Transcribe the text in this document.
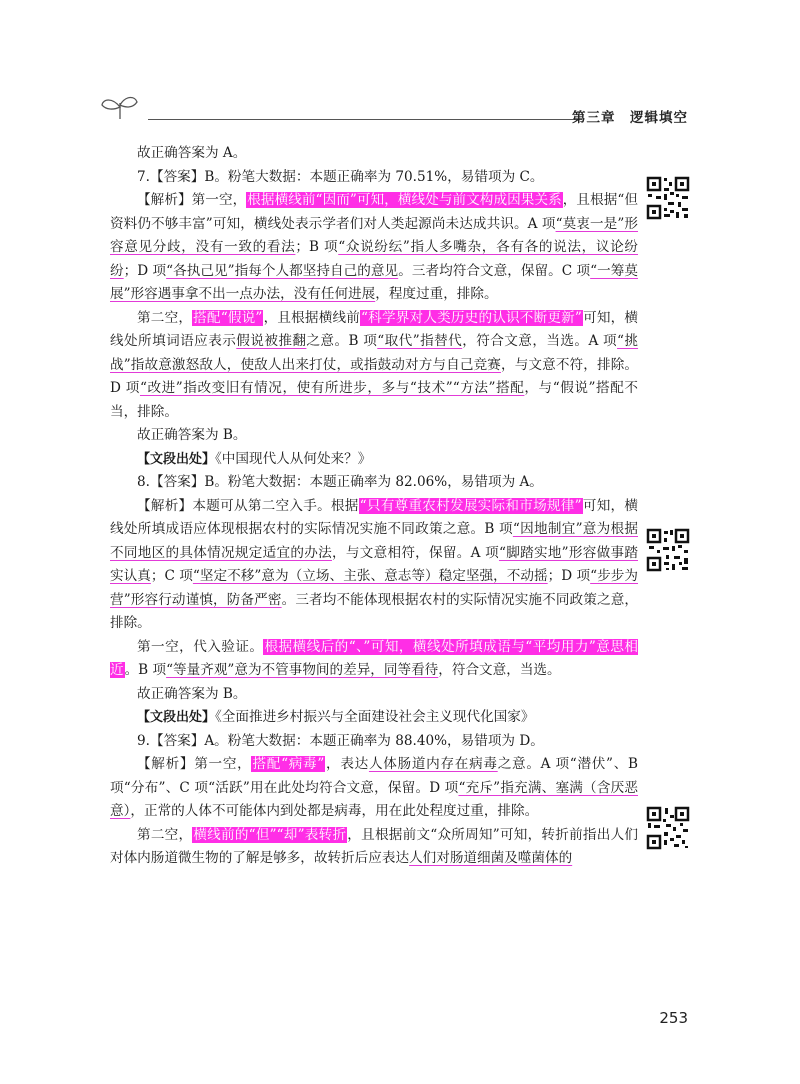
第三章　逻辑填空

故正确答案为 A。

7.【答案】B。粉笔大数据：本题正确率为 70.51%，易错项为 C。

【解析】第一空，根据横线前“因而”可知，横线处与前文构成因果关系，且根据“但资料仍不够丰富”可知，横线处表示学者们对人类起源尚未达成共识。A 项“莫衷一是”形容意见分歧，没有一致的看法；B 项“众说纷纭”指人多嘴杂，各有各的说法，议论纷纷；D 项“各执己见”指每个人都坚持自己的意见。三者均符合文意，保留。C 项“一筹莫展”形容遇事拿不出一点办法，没有任何进展，程度过重，排除。

第二空，搭配“假说”，且根据横线前“科学界对人类历史的认识不断更新”可知，横线处所填词语应表示假说被推翻之意。B 项“取代”指替代，符合文意，当选。A 项“挑战”指故意激怒敌人，使敌人出来打仗，或指鼓动对方与自己竞赛，与文意不符，排除。D 项“改进”指改变旧有情况，使有所进步，多与“技术”“方法”搭配，与“假说”搭配不当，排除。

故正确答案为 B。

【文段出处】《中国现代人从何处来？》

8.【答案】B。粉笔大数据：本题正确率为 82.06%，易错项为 A。

【解析】本题可从第二空入手。根据“只有尊重农村发展实际和市场规律”可知，横线处所填成语应体现根据农村的实际情况实施不同政策之意。B 项“因地制宜”意为根据不同地区的具体情况规定适宜的办法，与文意相符，保留。A 项“脚踏实地”形容做事踏实认真；C 项“坚定不移”意为（立场、主张、意志等）稳定坚强，不动摇；D 项“步步为营”形容行动谨慎，防备严密。三者均不能体现根据农村的实际情况实施不同政策之意，排除。

第一空，代入验证。根据横线后的“、”可知，横线处所填成语与“平均用力”意思相近。B 项“等量齐观”意为不管事物间的差异，同等看待，符合文意，当选。

故正确答案为 B。

【文段出处】《全面推进乡村振兴与全面建设社会主义现代化国家》

9.【答案】A。粉笔大数据：本题正确率为 88.40%，易错项为 D。

【解析】第一空，搭配“病毒”，表达人体肠道内存在病毒之意。A 项“潜伏”、B 项“分布”、C 项“活跃”用在此处均符合文意，保留。D 项“充斥”指充满、塞满（含厌恶意），正常的人体不可能体内到处都是病毒，用在此处程度过重，排除。

第二空，横线前的“但”“却”表转折，且根据前文“众所周知”可知，转折前指出人们对体内肠道微生物的了解是够多，故转折后应表达人们对肠道细菌及噬菌体的

253
